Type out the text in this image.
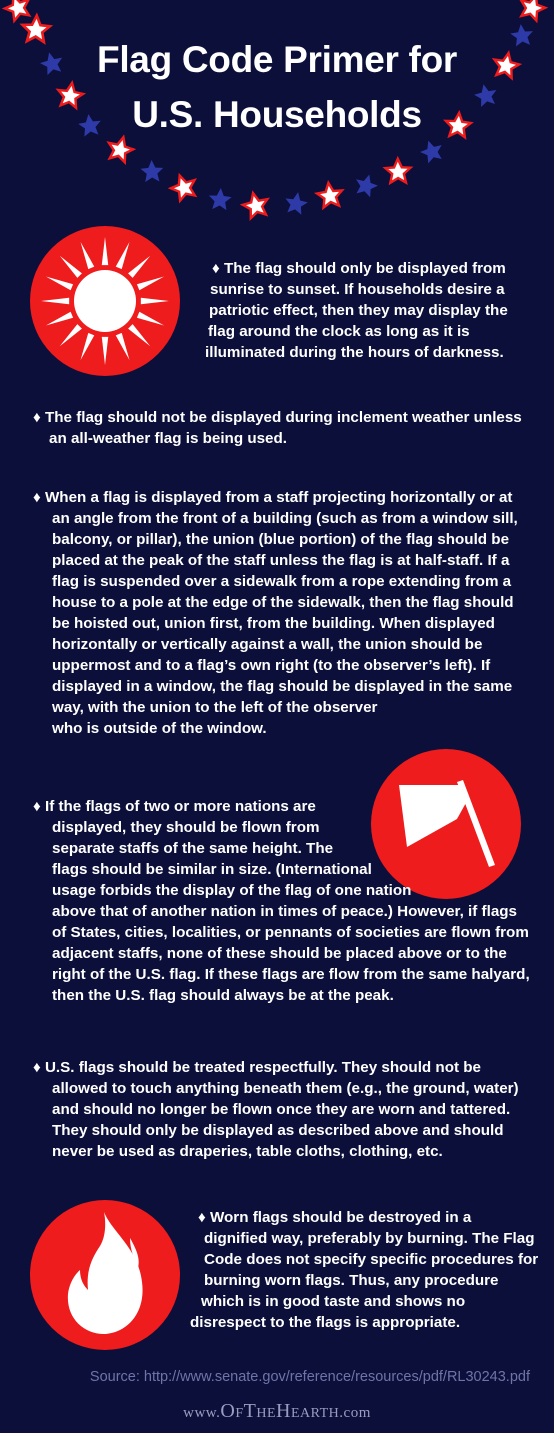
Flag Code Primer for
U.S. Households
♦ The flag should only be displayed from
sunrise to sunset. If households desire a
patriotic effect, then they may display the
flag around the clock as long as it is
illuminated during the hours of darkness.
♦ The flag should not be displayed during inclement weather unless
an all-weather flag is being used.
♦ When a flag is displayed from a staff projecting horizontally or at
an angle from the front of a building (such as from a window sill,
balcony, or pillar), the union (blue portion) of the flag should be
placed at the peak of the staff unless the flag is at half-staff. If a
flag is suspended over a sidewalk from a rope extending from a
house to a pole at the edge of the sidewalk, then the flag should
be hoisted out, union first, from the building. When displayed
horizontally or vertically against a wall, the union should be
uppermost and to a flag’s own right (to the observer’s left). If
displayed in a window, the flag should be displayed in the same
way, with the union to the left of the observer
who is outside of the window.
♦ If the flags of two or more nations are
displayed, they should be flown from
separate staffs of the same height. The
flags should be similar in size. (International
usage forbids the display of the flag of one nation
above that of another nation in times of peace.) However, if flags
of States, cities, localities, or pennants of societies are flown from
adjacent staffs, none of these should be placed above or to the
right of the U.S. flag. If these flags are flow from the same halyard,
then the U.S. flag should always be at the peak.
♦ U.S. flags should be treated respectfully. They should not be
allowed to touch anything beneath them (e.g., the ground, water)
and should no longer be flown once they are worn and tattered.
They should only be displayed as described above and should
never be used as draperies, table cloths, clothing, etc.
♦ Worn flags should be destroyed in a
dignified way, preferably by burning. The Flag
Code does not specify specific procedures for
burning worn flags. Thus, any procedure
which is in good taste and shows no
disrespect to the flags is appropriate.
Source: http://www.senate.gov/reference/resources/pdf/RL30243.pdf
www.OfTheHearth.com
